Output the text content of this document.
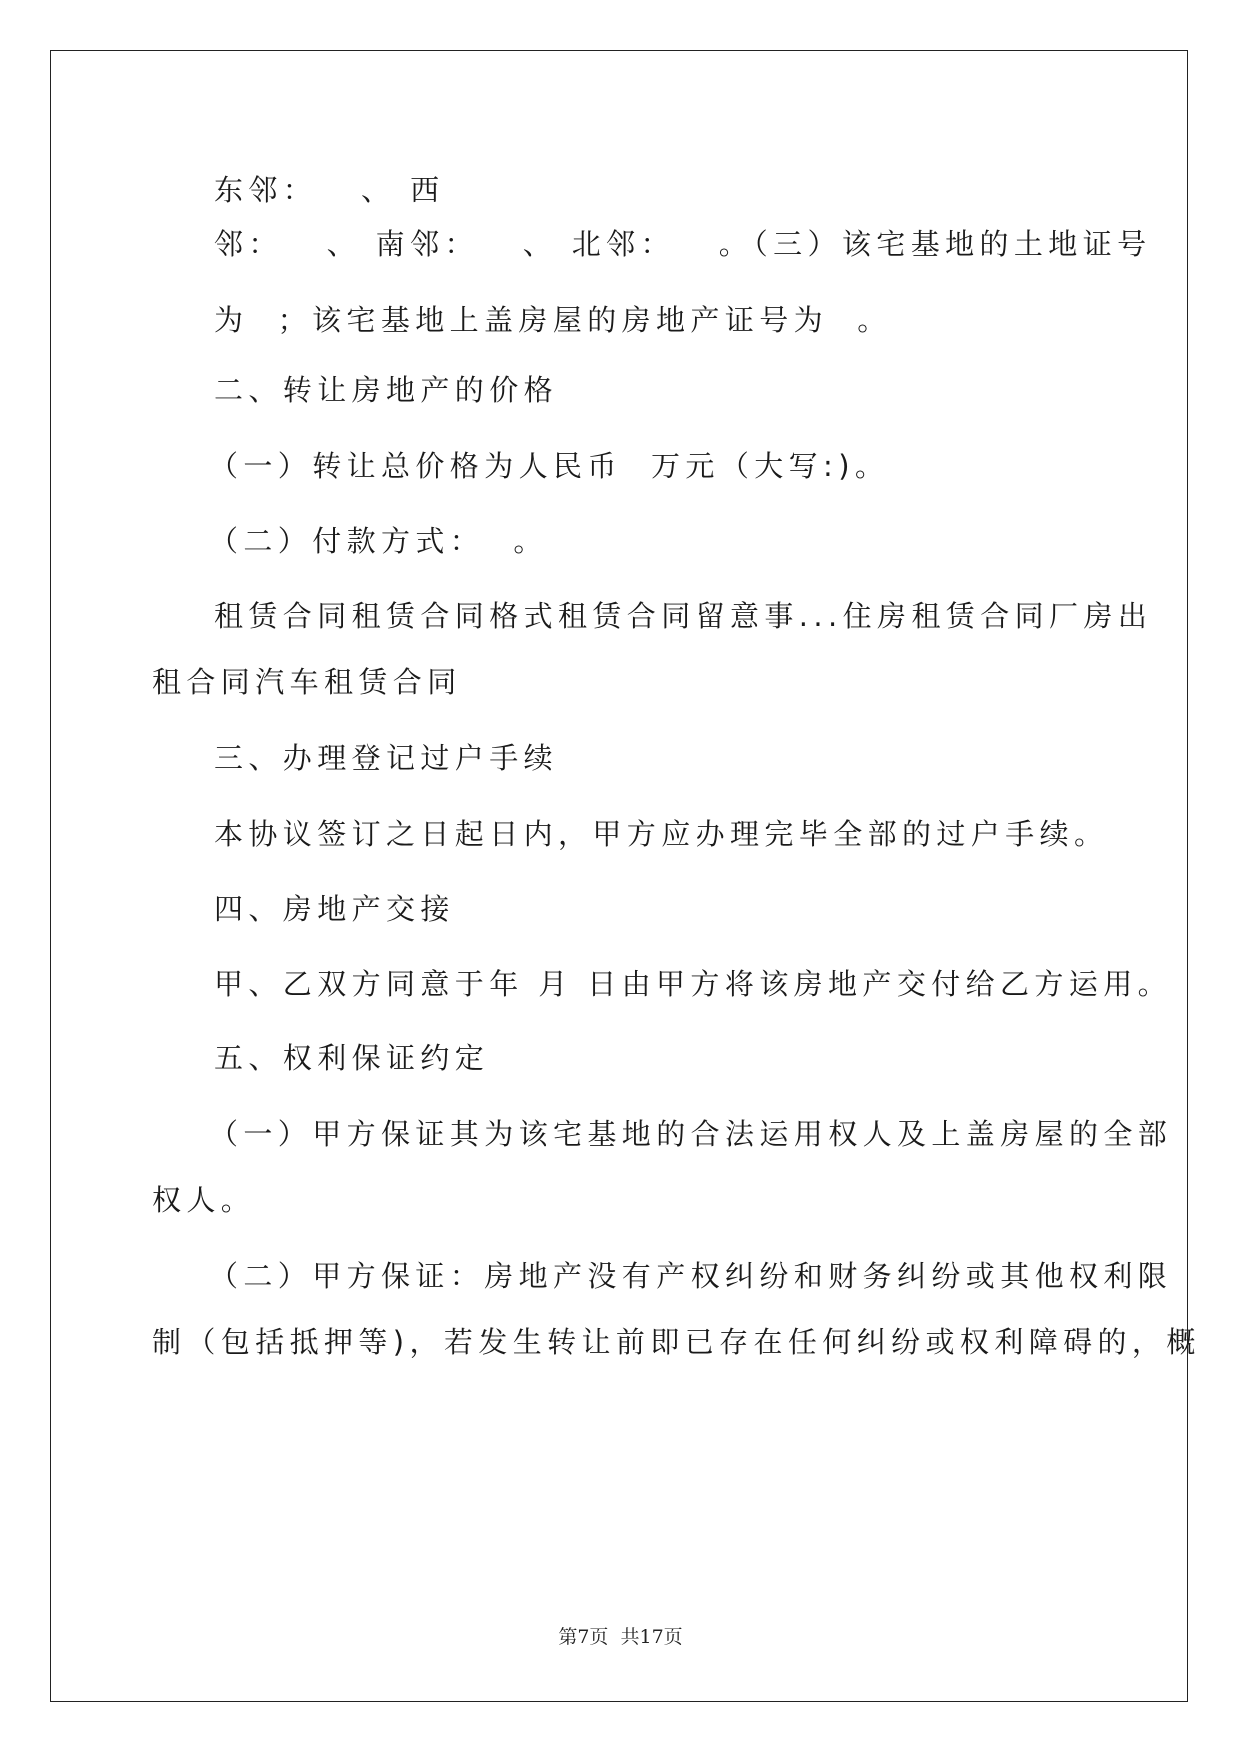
东邻：   、 西
邻：   、 南邻：   、 北邻：   。（三）该宅基地的土地证号
为  ；该宅基地上盖房屋的房地产证号为  。
二、转让房地产的价格
（一）转让总价格为人民币  万元（大写:)。
（二）付款方式：  。
租赁合同租赁合同格式租赁合同留意事...住房租赁合同厂房出
租合同汽车租赁合同
三、办理登记过户手续
本协议签订之日起日内，甲方应办理完毕全部的过户手续。
四、房地产交接
甲、乙双方同意于年 月 日由甲方将该房地产交付给乙方运用。
五、权利保证约定
（一）甲方保证其为该宅基地的合法运用权人及上盖房屋的全部
权人。
（二）甲方保证：房地产没有产权纠纷和财务纠纷或其他权利限
制（包括抵押等)，若发生转让前即已存在任何纠纷或权利障碍的，概
第7页  共17页
